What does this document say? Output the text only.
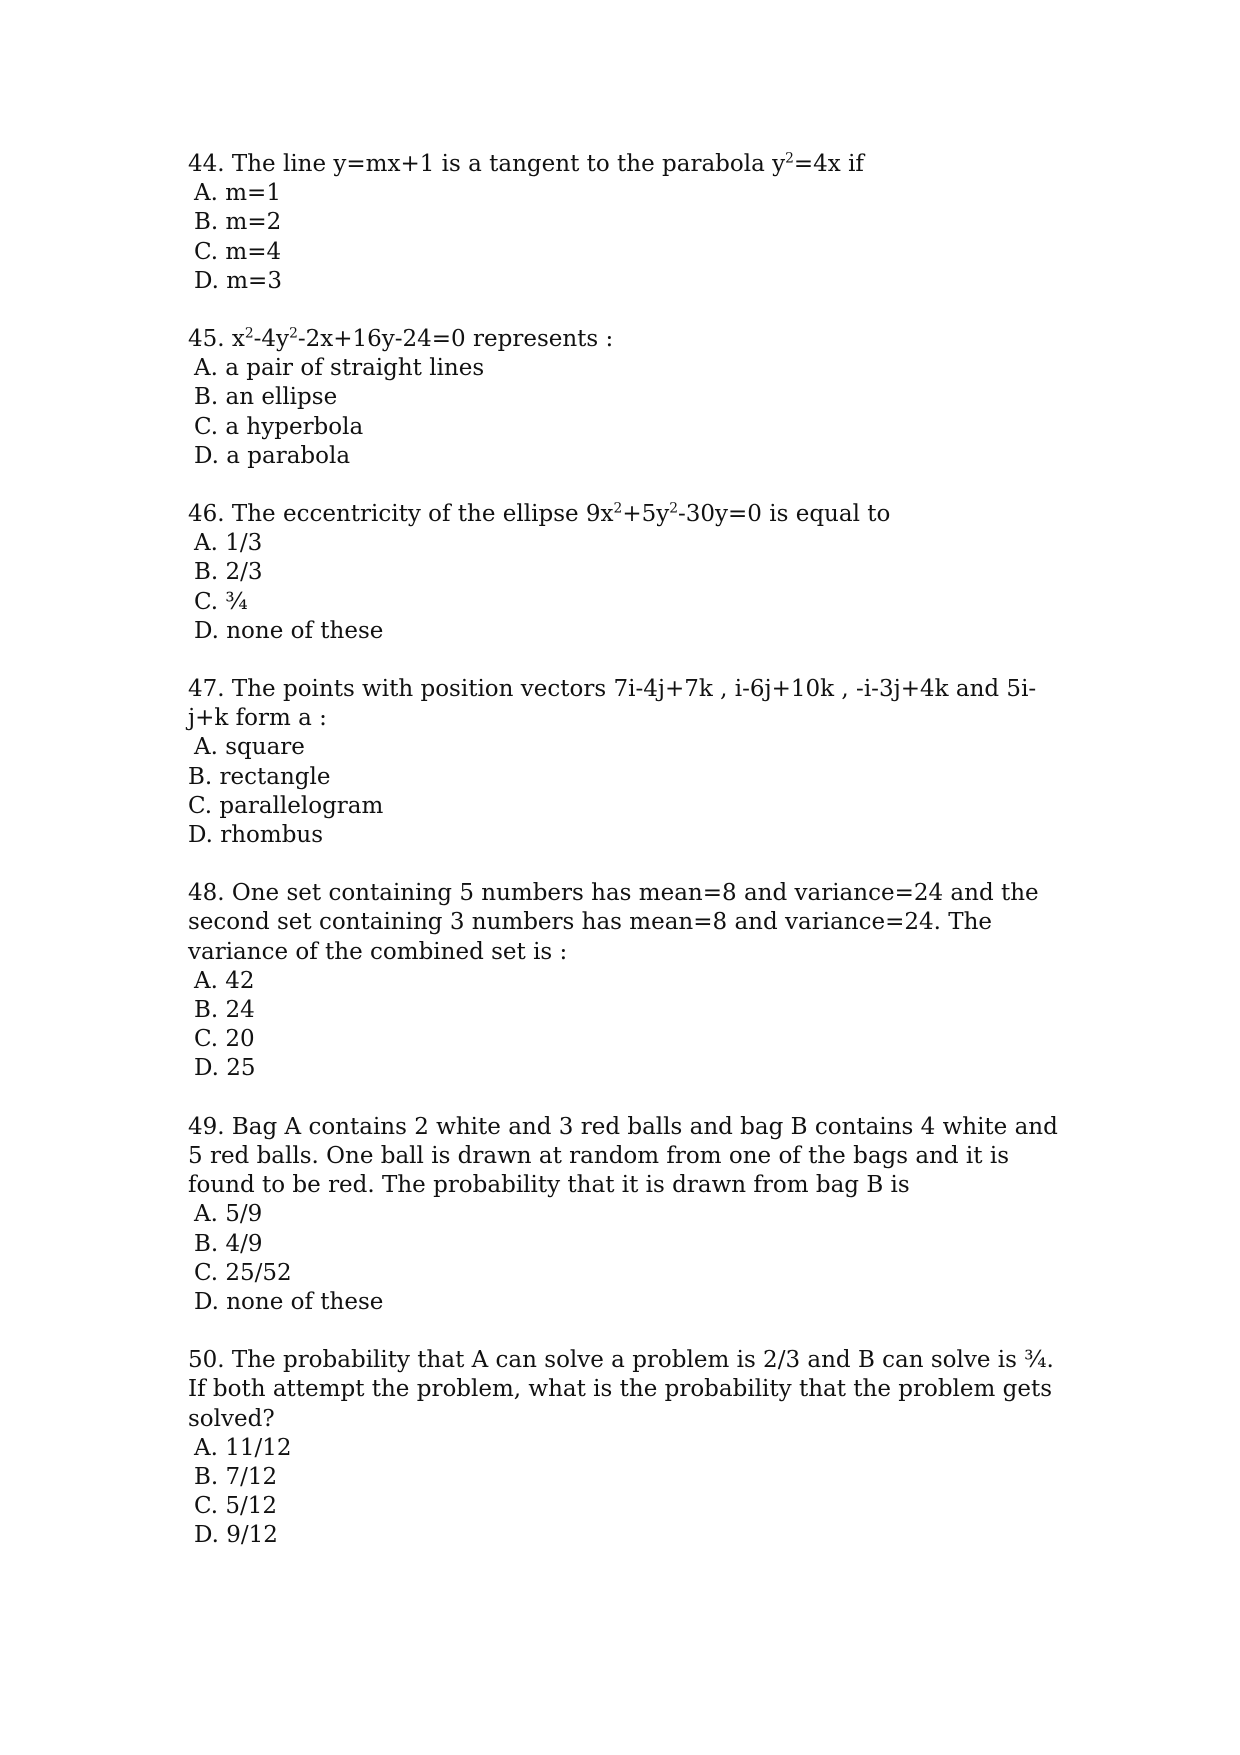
44. The line y=mx+1 is a tangent to the parabola $y^2=4x$ if

A. m=1

B. m=2

C. m=4

D. m=3

45. $x^2-4y^2-2x+16y-24=0$ represents :

A. a pair of straight lines

B. an ellipse

C. a hyperbola

D. a parabola

46. The eccentricity of the ellipse $9x^2+5y^2-30y=0$ is equal to

A. 1/3

B. 2/3

C. ¾

D. none of these

47. The points with position vectors 7i-4j+7k , i-6j+10k , -i-3j+4k and 5i-j+k form a :

A. square

B. rectangle

C. parallelogram

D. rhombus

48. One set containing 5 numbers has mean=8 and variance=24 and the second set containing 3 numbers has mean=8 and variance=24. The variance of the combined set is :

A. 42

B. 24

C. 20

D. 25

49. Bag A contains 2 white and 3 red balls and bag B contains 4 white and 5 red balls. One ball is drawn at random from one of the bags and it is found to be red. The probability that it is drawn from bag B is

A. 5/9

B. 4/9

C. 25/52

D. none of these

50. The probability that A can solve a problem is 2/3 and B can solve is ¾. If both attempt the problem, what is the probability that the problem gets solved?

A. 11/12

B. 7/12

C. 5/12

D. 9/12
